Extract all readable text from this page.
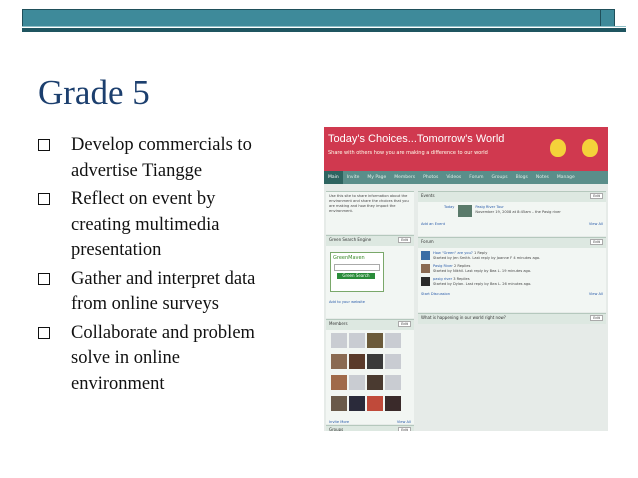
Grade 5
Develop commercials to
advertise Tiangge
Reflect on event by
creating multimedia
presentation
Gather and interpret data
from online surveys
Collaborate and problem
solve in online
environment
Today's Choices...Tomorrow's World
Share with others how you are making a difference to our world
Main	Invite	My Page	Members	Photos	Videos	Forum	Groups	Blogs	Notes	Manage
Use this site to share information about the environment and share the choices that you are making and how they impact the environment.
Green Search Engine	Edit
GreenMaven
Green Search
Add to your website
Members	Edit

Invite More	View All
Groups	Edit
Events	Edit
Today	Pasig River Tour
November 19, 2008 at 8:45am – the Pasig river
Add an Event	View All
Forum	Edit
How "Green" are you? 1 Reply
Started by Jen Smith. Last reply by Joanne F 4 minutes ago.
Pasig River 2 Replies
Started by Nikhil. Last reply by Bea L. 19 minutes ago.
pasig river 3 Replies
Started by Dylan. Last reply by Bea L. 26 minutes ago.
Start Discussion	View All
What is happening in our world right now?	Edit
